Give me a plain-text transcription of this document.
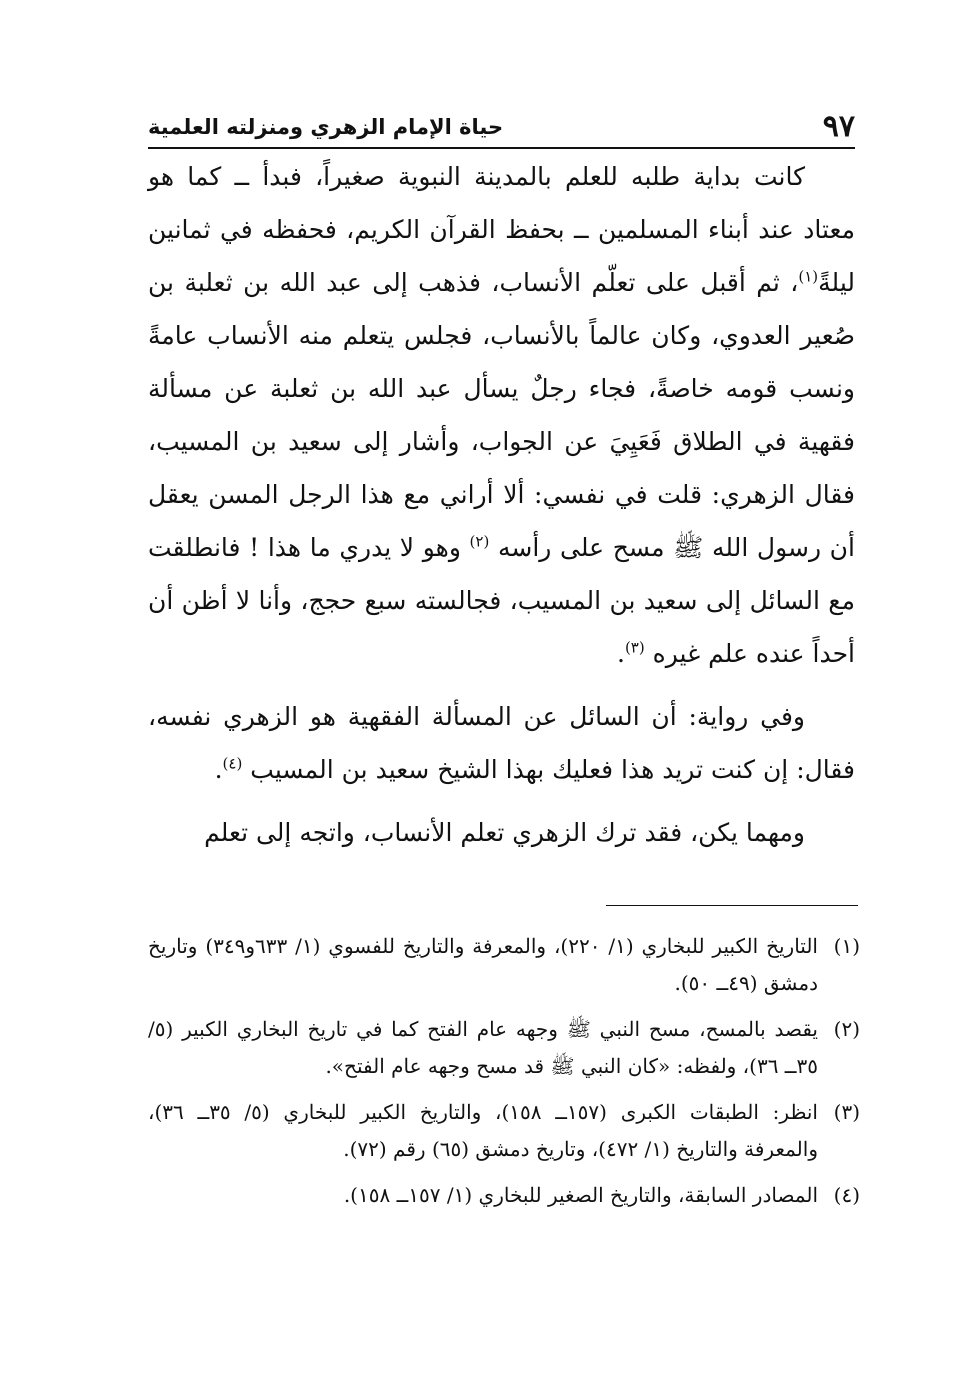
٩٧
حياة الإمام الزهري ومنزلته العلمية

كانت بداية طلبه للعلم بالمدينة النبوية صغيراً، فبدأ ــ كما هو معتاد عند أبناء المسلمين ــ بحفظ القرآن الكريم، فحفظه في ثمانين ليلةً$^{(١)}$، ثم أقبل على تعلّم الأنساب، فذهب إلى عبد الله بن ثعلبة بن صُعير العدوي، وكان عالماً بالأنساب، فجلس يتعلم منه الأنساب عامةً ونسب قومه خاصةً، فجاء رجلٌ يسأل عبد الله بن ثعلبة عن مسألة فقهية في الطلاق فَعَيِيَ عن الجواب، وأشار إلى سعيد بن المسيب، فقال الزهري: قلت في نفسي: ألا أراني مع هذا الرجل المسن يعقل أن رسول الله ﷺ مسح على رأسه $^{(٢)}$ وهو لا يدري ما هذا ! فانطلقت مع السائل إلى سعيد بن المسيب، فجالسته سبع حجج، وأنا لا أظن أن أحداً عنده علم غيره $^{(٣)}$.

وفي رواية: أن السائل عن المسألة الفقهية هو الزهري نفسه، فقال: إن كنت تريد هذا فعليك بهذا الشيخ سعيد بن المسيب $^{(٤)}$.

ومهما يكن، فقد ترك الزهري تعلم الأنساب، واتجه إلى تعلم

(١)
التاريخ الكبير للبخاري (١/ ٢٢٠)، والمعرفة والتاريخ للفسوي (١/ ٦٣٣و٣٤٩) وتاريخ دمشق (٤٩ــ ٥٠).
(٢)
يقصد بالمسح، مسح النبي ﷺ وجهه عام الفتح كما في تاريخ البخاري الكبير (٥/ ٣٥ــ ٣٦)، ولفظه: «كان النبي ﷺ قد مسح وجهه عام الفتح».
(٣)
انظر: الطبقات الكبرى (١٥٧ــ ١٥٨)، والتاريخ الكبير للبخاري (٥/ ٣٥ــ ٣٦)، والمعرفة والتاريخ (١/ ٤٧٢)، وتاريخ دمشق (٦٥) رقم (٧٢).
(٤)
المصادر السابقة، والتاريخ الصغير للبخاري (١/ ١٥٧ــ ١٥٨).
